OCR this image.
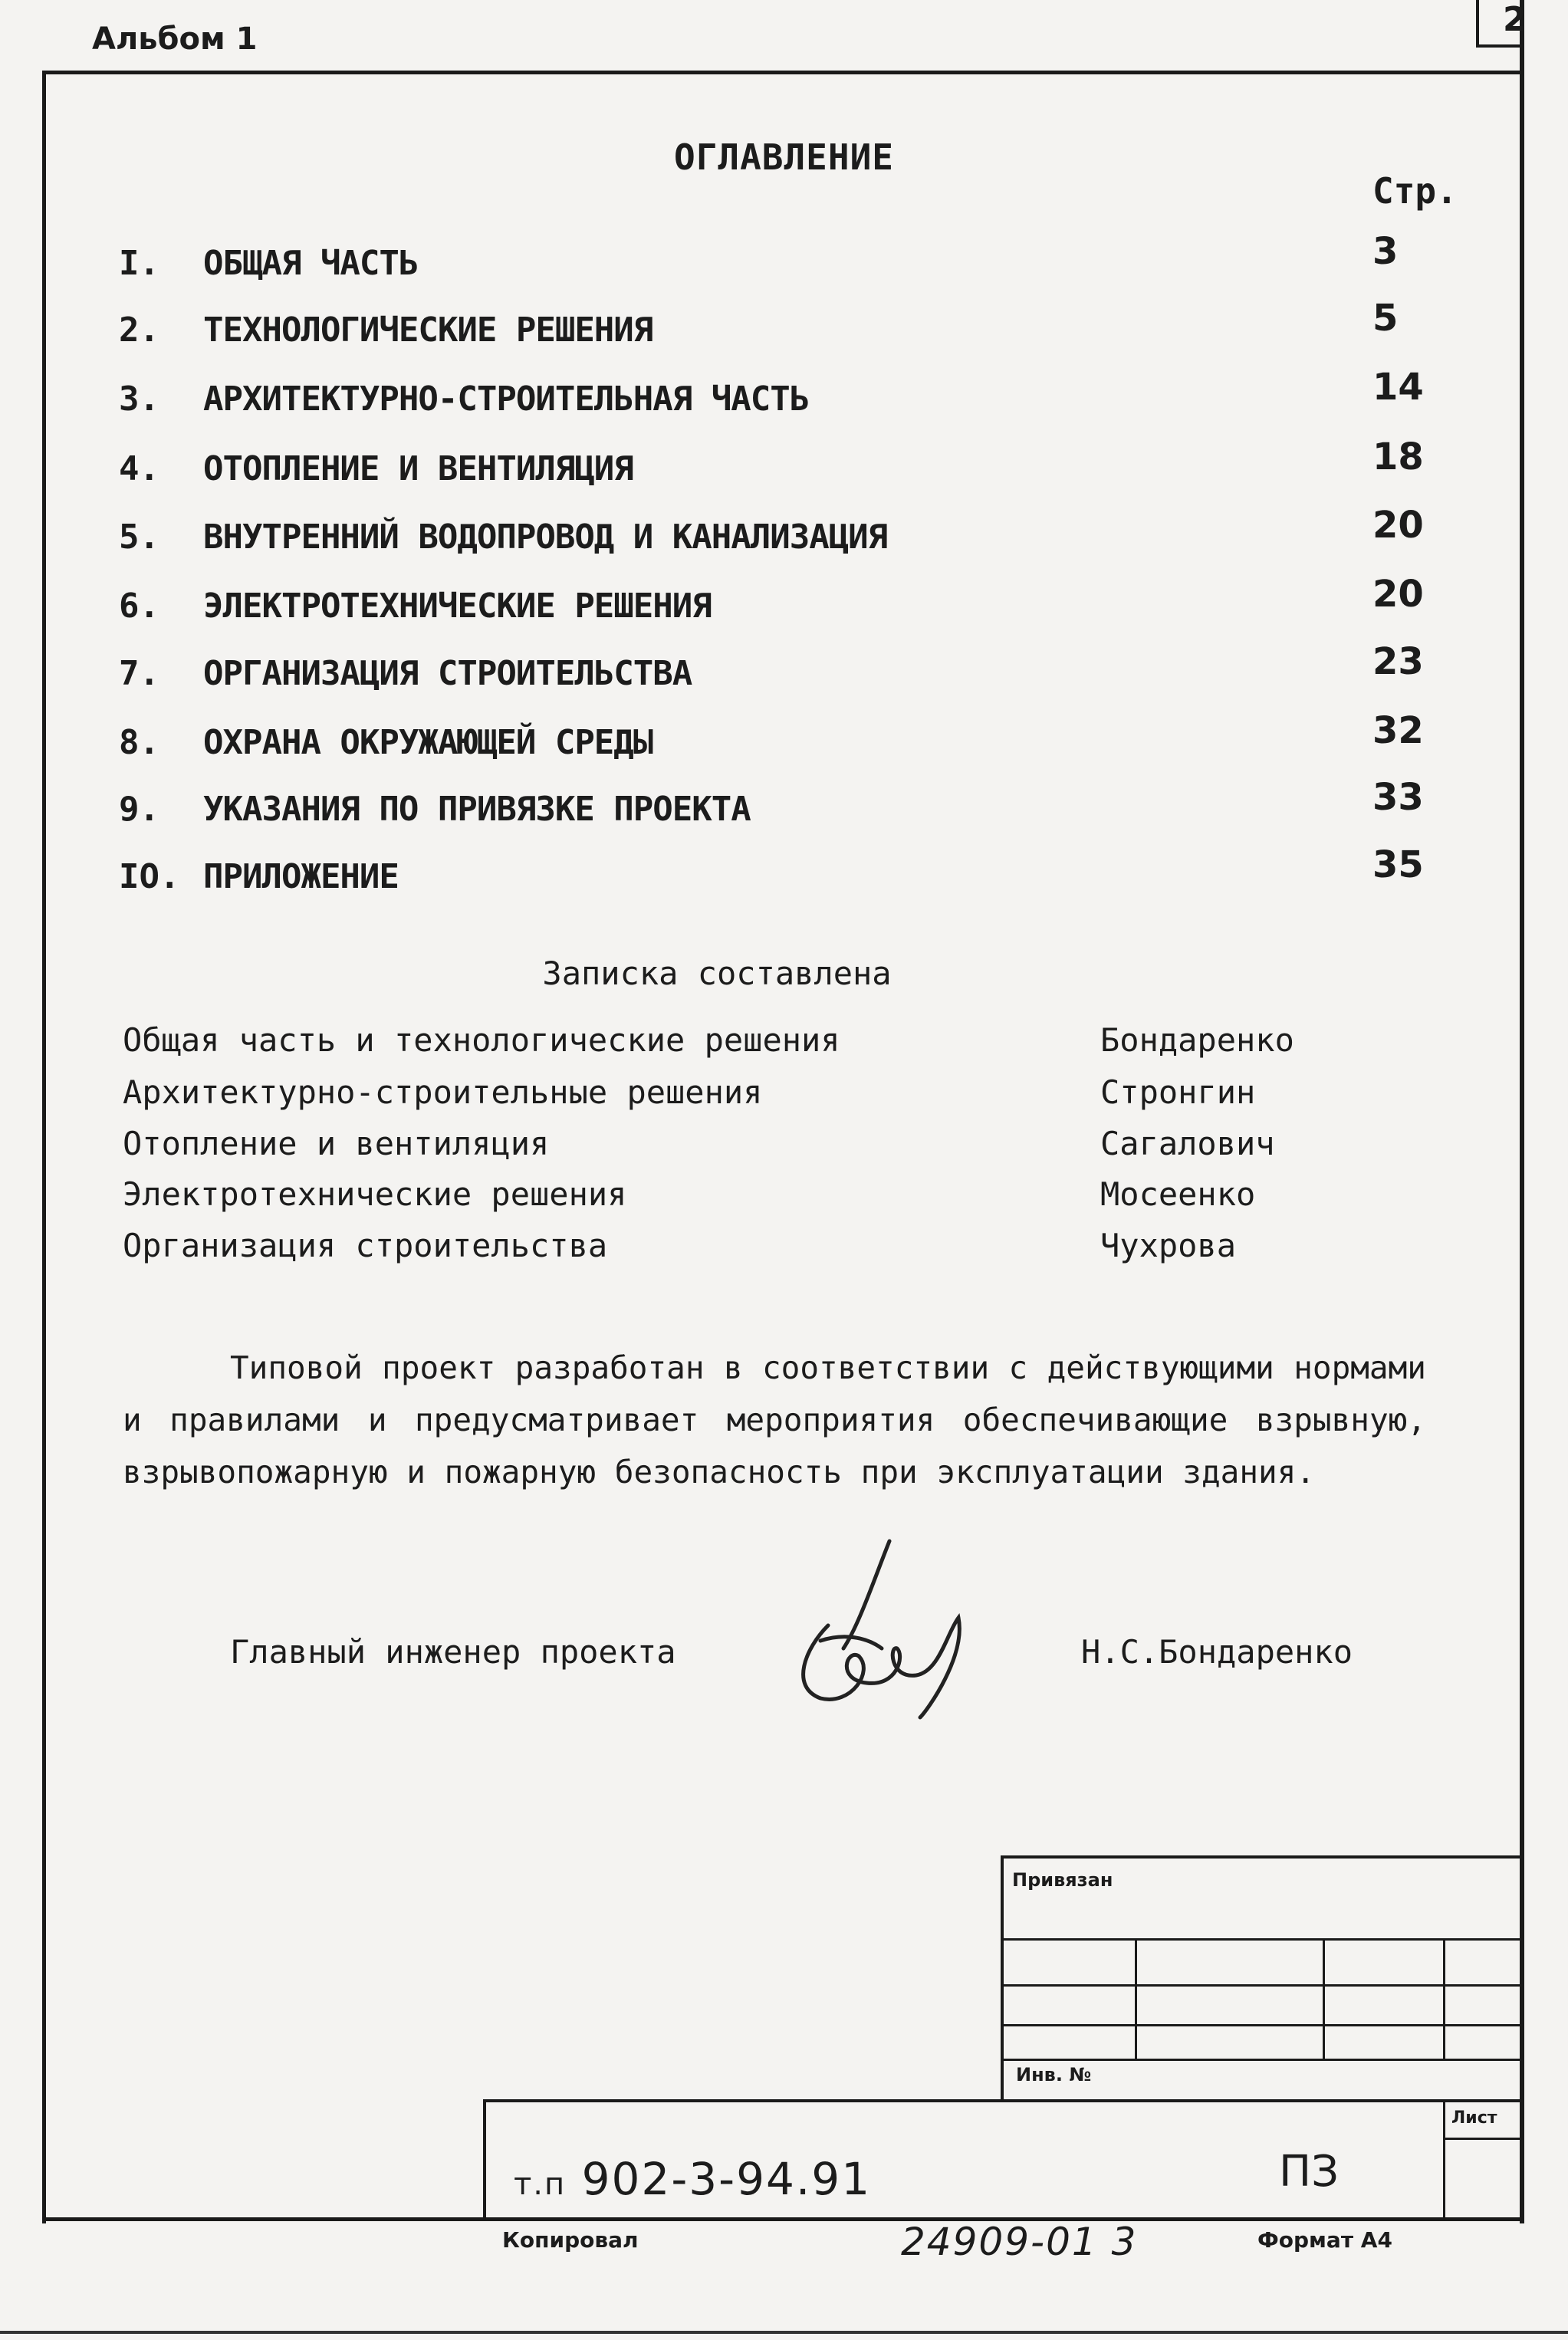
Альбом 1	2
ОГЛАВЛЕНИЕ
Стр.
I.	ОБЩАЯ ЧАСТЬ	3
2.	ТЕХНОЛОГИЧЕСКИЕ РЕШЕНИЯ	5
3.	АРХИТЕКТУРНО-СТРОИТЕЛЬНАЯ ЧАСТЬ	14
4.	ОТОПЛЕНИЕ И ВЕНТИЛЯЦИЯ	18
5.	ВНУТРЕННИЙ ВОДОПРОВОД И КАНАЛИЗАЦИЯ	20
6.	ЭЛЕКТРОТЕХНИЧЕСКИЕ РЕШЕНИЯ	20
7.	ОРГАНИЗАЦИЯ СТРОИТЕЛЬСТВА	23
8.	ОХРАНА ОКРУЖАЮЩЕЙ СРЕДЫ	32
9.	УКАЗАНИЯ ПО ПРИВЯЗКЕ ПРОЕКТА	33
IO. ПРИЛОЖЕНИЕ	35
Записка составлена
Общая часть и технологические решения	Бондаренко
Архитектурно-строительные решения	Стронгин
Отопление и вентиляция	Сагалович
Электротехнические решения	Мосеенко
Организация строительства	Чухрова

Типовой проект разработан в соответствии с действующими нормами и правилами и предусматривает мероприятия обеспечивающие взрывную, взрывопожарную и пожарную безопасность при эксплуатации здания.

Главный инженер проекта	Н.С.Бондаренко
Привязан
Инв. №
Лист
т.п 902-3-94.91	ПЗ
Копировал	24909-01 3	Формат А4
